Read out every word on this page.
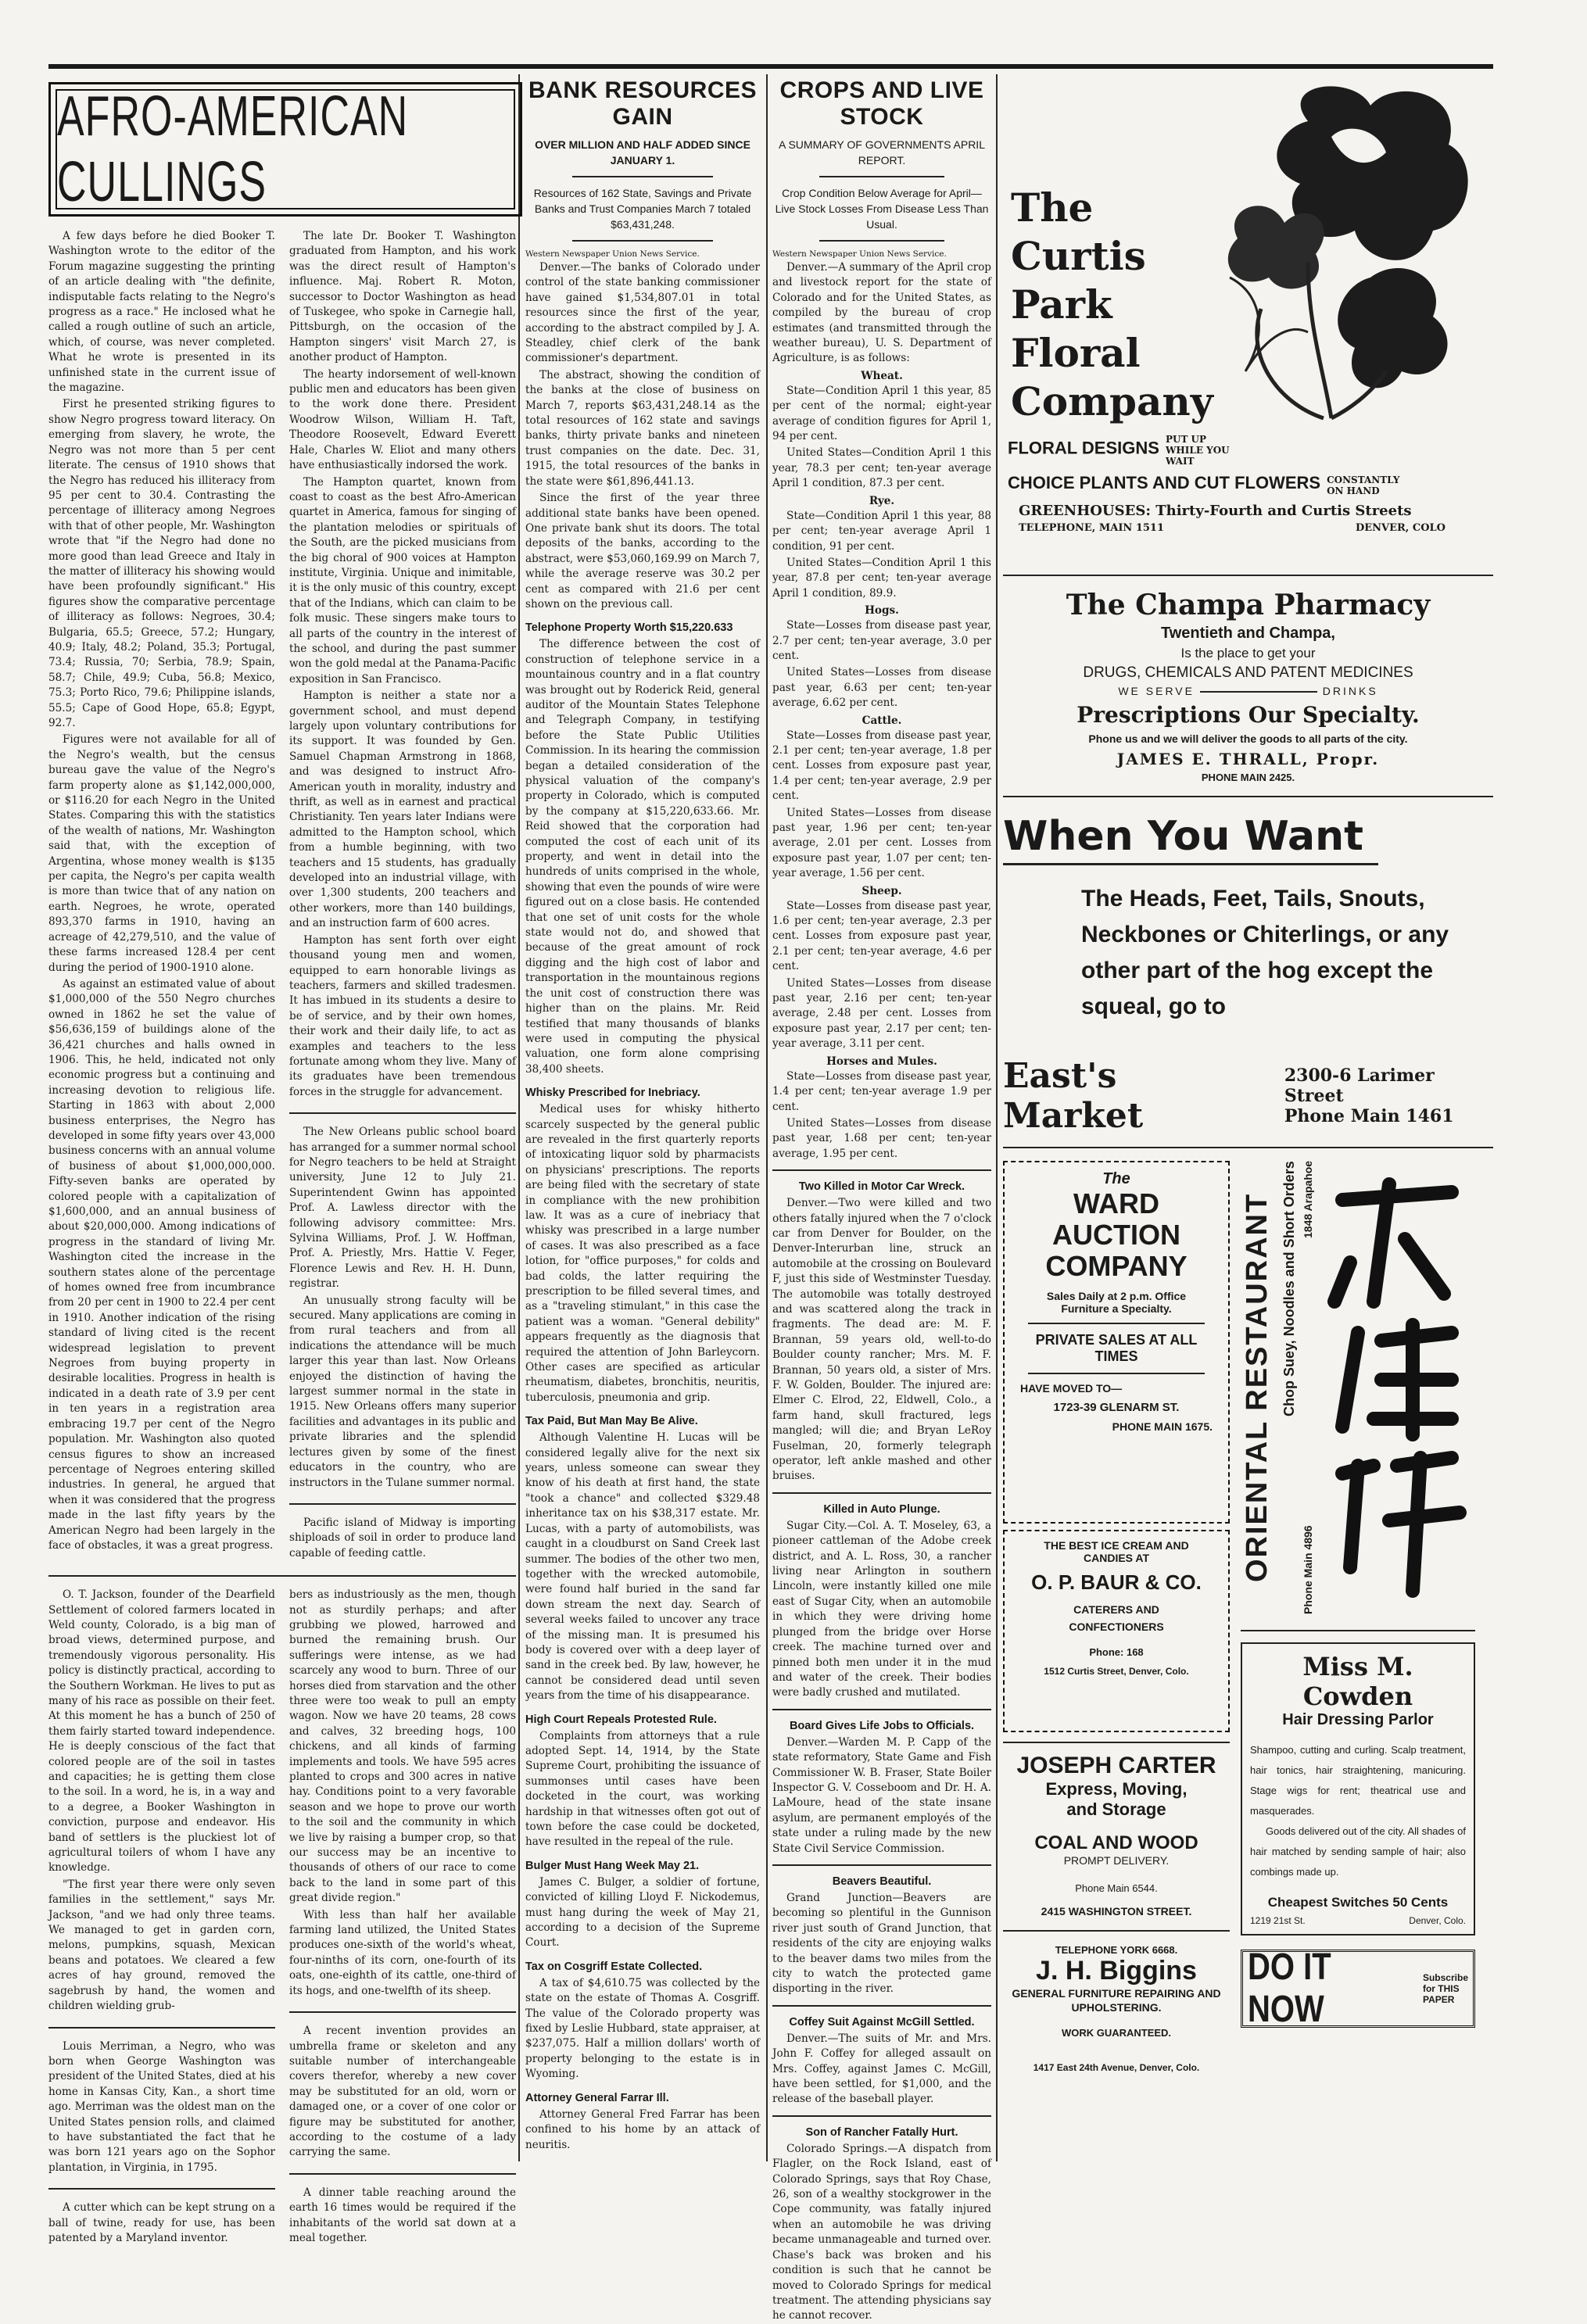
AFRO-AMERICAN CULLINGS

A few days before he died Booker T. Washington wrote to the editor of the Forum magazine suggesting the printing of an article dealing with "the definite, indisputable facts relating to the Negro's progress as a race." He inclosed what he called a rough outline of such an article, which, of course, was never completed. What he wrote is presented in its unfinished state in the current issue of the magazine.

First he presented striking figures to show Negro progress toward literacy. On emerging from slavery, he wrote, the Negro was not more than 5 per cent literate. The census of 1910 shows that the Negro has reduced his illiteracy from 95 per cent to 30.4. Contrasting the percentage of illiteracy among Negroes with that of other people, Mr. Washington wrote that "if the Negro had done no more good than lead Greece and Italy in the matter of illiteracy his showing would have been profoundly significant." His figures show the comparative percentage of illiteracy as follows: Negroes, 30.4; Bulgaria, 65.5; Greece, 57.2; Hungary, 40.9; Italy, 48.2; Poland, 35.3; Portugal, 73.4; Russia, 70; Serbia, 78.9; Spain, 58.7; Chile, 49.9; Cuba, 56.8; Mexico, 75.3; Porto Rico, 79.6; Philippine islands, 55.5; Cape of Good Hope, 65.8; Egypt, 92.7.

Figures were not available for all of the Negro's wealth, but the census bureau gave the value of the Negro's farm property alone as $1,142,000,000, or $116.20 for each Negro in the United States. Comparing this with the statistics of the wealth of nations, Mr. Washington said that, with the exception of Argentina, whose money wealth is $135 per capita, the Negro's per capita wealth is more than twice that of any nation on earth. Negroes, he wrote, operated 893,370 farms in 1910, having an acreage of 42,279,510, and the value of these farms increased 128.4 per cent during the period of 1900-1910 alone.

As against an estimated value of about $1,000,000 of the 550 Negro churches owned in 1862 he set the value of $56,636,159 of buildings alone of the 36,421 churches and halls owned in 1906. This, he held, indicated not only economic progress but a continuing and increasing devotion to religious life. Starting in 1863 with about 2,000 business enterprises, the Negro has developed in some fifty years over 43,000 business concerns with an annual volume of business of about $1,000,000,000. Fifty-seven banks are operated by colored people with a capitalization of $1,600,000, and an annual business of about $20,000,000. Among indications of progress in the standard of living Mr. Washington cited the increase in the southern states alone of the percentage of homes owned free from incumbrance from 20 per cent in 1900 to 22.4 per cent in 1910. Another indication of the rising standard of living cited is the recent widespread legislation to prevent Negroes from buying property in desirable localities. Progress in health is indicated in a death rate of 3.9 per cent in ten years in a registration area embracing 19.7 per cent of the Negro population. Mr. Washington also quoted census figures to show an increased percentage of Negroes entering skilled industries. In general, he argued that when it was considered that the progress made in the last fifty years by the American Negro had been largely in the face of obstacles, it was a great progress.

The late Dr. Booker T. Washington graduated from Hampton, and his work was the direct result of Hampton's influence. Maj. Robert R. Moton, successor to Doctor Washington as head of Tuskegee, who spoke in Carnegie hall, Pittsburgh, on the occasion of the Hampton singers' visit March 27, is another product of Hampton.

The hearty indorsement of well-known public men and educators has been given to the work done there. President Woodrow Wilson, William H. Taft, Theodore Roosevelt, Edward Everett Hale, Charles W. Eliot and many others have enthusiastically indorsed the work.

The Hampton quartet, known from coast to coast as the best Afro-American quartet in America, famous for singing of the plantation melodies or spirituals of the South, are the picked musicians from the big choral of 900 voices at Hampton institute, Virginia. Unique and inimitable, it is the only music of this country, except that of the Indians, which can claim to be folk music. These singers make tours to all parts of the country in the interest of the school, and during the past summer won the gold medal at the Panama-Pacific exposition in San Francisco.

Hampton is neither a state nor a government school, and must depend largely upon voluntary contributions for its support. It was founded by Gen. Samuel Chapman Armstrong in 1868, and was designed to instruct Afro-American youth in morality, industry and thrift, as well as in earnest and practical Christianity. Ten years later Indians were admitted to the Hampton school, which from a humble beginning, with two teachers and 15 students, has gradually developed into an industrial village, with over 1,300 students, 200 teachers and other workers, more than 140 buildings, and an instruction farm of 600 acres.

Hampton has sent forth over eight thousand young men and women, equipped to earn honorable livings as teachers, farmers and skilled tradesmen. It has imbued in its students a desire to be of service, and by their own homes, their work and their daily life, to act as examples and teachers to the less fortunate among whom they live. Many of its graduates have been tremendous forces in the struggle for advancement.

The New Orleans public school board has arranged for a summer normal school for Negro teachers to be held at Straight university, June 12 to July 21. Superintendent Gwinn has appointed Prof. A. Lawless director with the following advisory committee: Mrs. Sylvina Williams, Prof. J. W. Hoffman, Prof. A. Priestly, Mrs. Hattie V. Feger, Florence Lewis and Rev. H. H. Dunn, registrar.

An unusually strong faculty will be secured. Many applications are coming in from rural teachers and from all indications the attendance will be much larger this year than last. Now Orleans enjoyed the distinction of having the largest summer normal in the state in 1915. New Orleans offers many superior facilities and advantages in its public and private libraries and the splendid lectures given by some of the finest educators in the country, who are instructors in the Tulane summer normal.

Pacific island of Midway is importing shiploads of soil in order to produce land capable of feeding cattle.

O. T. Jackson, founder of the Dearfield Settlement of colored farmers located in Weld county, Colorado, is a big man of broad views, determined purpose, and tremendously vigorous personality. His policy is distinctly practical, according to the Southern Workman. He lives to put as many of his race as possible on their feet. At this moment he has a bunch of 250 of them fairly started toward independence. He is deeply conscious of the fact that colored people are of the soil in tastes and capacities; he is getting them close to the soil. In a word, he is, in a way and to a degree, a Booker Washington in conviction, purpose and endeavor. His band of settlers is the pluckiest lot of agricultural toilers of whom I have any knowledge.

"The first year there were only seven families in the settlement," says Mr. Jackson, "and we had only three teams. We managed to get in garden corn, melons, pumpkins, squash, Mexican beans and potatoes. We cleared a few acres of hay ground, removed the sagebrush by hand, the women and children wielding grub-

Louis Merriman, a Negro, who was born when George Washington was president of the United States, died at his home in Kansas City, Kan., a short time ago. Merriman was the oldest man on the United States pension rolls, and claimed to have substantiated the fact that he was born 121 years ago on the Sophor plantation, in Virginia, in 1795.

A cutter which can be kept strung on a ball of twine, ready for use, has been patented by a Maryland inventor.

bers as industriously as the men, though not as sturdily perhaps; and after grubbing we plowed, harrowed and burned the remaining brush. Our sufferings were intense, as we had scarcely any wood to burn. Three of our horses died from starvation and the other three were too weak to pull an empty wagon. Now we have 20 teams, 28 cows and calves, 32 breeding hogs, 100 chickens, and all kinds of farming implements and tools. We have 595 acres planted to crops and 300 acres in native hay. Conditions point to a very favorable season and we hope to prove our worth to the soil and the community in which we live by raising a bumper crop, so that our success may be an incentive to thousands of others of our race to come back to the land in some part of this great divide region."

With less than half her available farming land utilized, the United States produces one-sixth of the world's wheat, four-ninths of its corn, one-fourth of its oats, one-eighth of its cattle, one-third of its hogs, and one-twelfth of its sheep.

A recent invention provides an umbrella frame or skeleton and any suitable number of interchangeable covers therefor, whereby a new cover may be substituted for an old, worn or damaged one, or a cover of one color or figure may be substituted for another, according to the costume of a lady carrying the same.

A dinner table reaching around the earth 16 times would be required if the inhabitants of the world sat down at a meal together.

BANK RESOURCES GAIN
OVER MILLION AND HALF ADDED SINCE JANUARY 1.
Resources of 162 State, Savings and Private Banks and Trust Companies March 7 totaled $63,431,248.
Western Newspaper Union News Service.

Denver.—The banks of Colorado under control of the state banking commissioner have gained $1,534,807.01 in total resources since the first of the year, according to the abstract compiled by J. A. Steadley, chief clerk of the bank commissioner's department.

The abstract, showing the condition of the banks at the close of business on March 7, reports $63,431,248.14 as the total resources of 162 state and savings banks, thirty private banks and nineteen trust companies on the date. Dec. 31, 1915, the total resources of the banks in the state were $61,896,441.13.

Since the first of the year three additional state banks have been opened. One private bank shut its doors. The total deposits of the banks, according to the abstract, were $53,060,169.99 on March 7, while the average reserve was 30.2 per cent as compared with 21.6 per cent shown on the previous call.

Telephone Property Worth $15,220.633

The difference between the cost of construction of telephone service in a mountainous country and in a flat country was brought out by Roderick Reid, general auditor of the Mountain States Telephone and Telegraph Company, in testifying before the State Public Utilities Commission. In its hearing the commission began a detailed consideration of the physical valuation of the company's property in Colorado, which is computed by the company at $15,220,633.66. Mr. Reid showed that the corporation had computed the cost of each unit of its property, and went in detail into the hundreds of units comprised in the whole, showing that even the pounds of wire were figured out on a close basis. He contended that one set of unit costs for the whole state would not do, and showed that because of the great amount of rock digging and the high cost of labor and transportation in the mountainous regions the unit cost of construction there was higher than on the plains. Mr. Reid testified that many thousands of blanks were used in computing the physical valuation, one form alone comprising 38,400 sheets.

Whisky Prescribed for Inebriacy.

Medical uses for whisky hitherto scarcely suspected by the general public are revealed in the first quarterly reports of intoxicating liquor sold by pharmacists on physicians' prescriptions. The reports are being filed with the secretary of state in compliance with the new prohibition law. It was as a cure of inebriacy that whisky was prescribed in a large number of cases. It was also prescribed as a face lotion, for "office purposes," for colds and bad colds, the latter requiring the prescription to be filled several times, and as a "traveling stimulant," in this case the patient was a woman. "General debility" appears frequently as the diagnosis that required the attention of John Barleycorn. Other cases are specified as articular rheumatism, diabetes, bronchitis, neuritis, tuberculosis, pneumonia and grip.

Tax Paid, But Man May Be Alive.

Although Valentine H. Lucas will be considered legally alive for the next six years, unless someone can swear they know of his death at first hand, the state "took a chance" and collected $329.48 inheritance tax on his $38,317 estate. Mr. Lucas, with a party of automobilists, was caught in a cloudburst on Sand Creek last summer. The bodies of the other two men, together with the wrecked automobile, were found half buried in the sand far down stream the next day. Search of several weeks failed to uncover any trace of the missing man. It is presumed his body is covered over with a deep layer of sand in the creek bed. By law, however, he cannot be considered dead until seven years from the time of his disappearance.

High Court Repeals Protested Rule.

Complaints from attorneys that a rule adopted Sept. 14, 1914, by the State Supreme Court, prohibiting the issuance of summonses until cases have been docketed in the court, was working hardship in that witnesses often got out of town before the case could be docketed, have resulted in the repeal of the rule.

Bulger Must Hang Week May 21.

James C. Bulger, a soldier of fortune, convicted of killing Lloyd F. Nickodemus, must hang during the week of May 21, according to a decision of the Supreme Court.

Tax on Cosgriff Estate Collected.

A tax of $4,610.75 was collected by the state on the estate of Thomas A. Cosgriff. The value of the Colorado property was fixed by Leslie Hubbard, state appraiser, at $237,075. Half a million dollars' worth of property belonging to the estate is in Wyoming.

Attorney General Farrar Ill.

Attorney General Fred Farrar has been confined to his home by an attack of neuritis.

CROPS AND LIVE STOCK
A SUMMARY OF GOVERNMENTS APRIL REPORT.
Crop Condition Below Average for April—Live Stock Losses From Disease Less Than Usual.
Western Newspaper Union News Service.

Denver.—A summary of the April crop and livestock report for the state of Colorado and for the United States, as compiled by the bureau of crop estimates (and transmitted through the weather bureau), U. S. Department of Agriculture, is as follows:

Wheat.

State—Condition April 1 this year, 85 per cent of the normal; eight-year average of condition figures for April 1, 94 per cent.

United States—Condition April 1 this year, 78.3 per cent; ten-year average April 1 condition, 87.3 per cent.

Rye.

State—Condition April 1 this year, 88 per cent; ten-year average April 1 condition, 91 per cent.

United States—Condition April 1 this year, 87.8 per cent; ten-year average April 1 condition, 89.9.

Hogs.

State—Losses from disease past year, 2.7 per cent; ten-year average, 3.0 per cent.

United States—Losses from disease past year, 6.63 per cent; ten-year average, 6.62 per cent.

Cattle.

State—Losses from disease past year, 2.1 per cent; ten-year average, 1.8 per cent. Losses from exposure past year, 1.4 per cent; ten-year average, 2.9 per cent.

United States—Losses from disease past year, 1.96 per cent; ten-year average, 2.01 per cent. Losses from exposure past year, 1.07 per cent; ten-year average, 1.56 per cent.

Sheep.

State—Losses from disease past year, 1.6 per cent; ten-year average, 2.3 per cent. Losses from exposure past year, 2.1 per cent; ten-year average, 4.6 per cent.

United States—Losses from disease past year, 2.16 per cent; ten-year average, 2.48 per cent. Losses from exposure past year, 2.17 per cent; ten-year average, 3.11 per cent.

Horses and Mules.

State—Losses from disease past year, 1.4 per cent; ten-year average 1.9 per cent.

United States—Losses from disease past year, 1.68 per cent; ten-year average, 1.95 per cent.

Two Killed in Motor Car Wreck.

Denver.—Two were killed and two others fatally injured when the 7 o'clock car from Denver for Boulder, on the Denver-Interurban line, struck an automobile at the crossing on Boulevard F, just this side of Westminster Tuesday. The automobile was totally destroyed and was scattered along the track in fragments. The dead are: M. F. Brannan, 59 years old, well-to-do Boulder county rancher; Mrs. M. F. Brannan, 50 years old, a sister of Mrs. F. W. Golden, Boulder. The injured are: Elmer C. Elrod, 22, Eldwell, Colo., a farm hand, skull fractured, legs mangled; will die; and Bryan LeRoy Fuselman, 20, formerly telegraph operator, left ankle mashed and other bruises.

Killed in Auto Plunge.

Sugar City.—Col. A. T. Moseley, 63, a pioneer cattleman of the Adobe creek district, and A. L. Ross, 30, a rancher living near Arlington in southern Lincoln, were instantly killed one mile east of Sugar City, when an automobile in which they were driving home plunged from the bridge over Horse creek. The machine turned over and pinned both men under it in the mud and water of the creek. Their bodies were badly crushed and mutilated.

Board Gives Life Jobs to Officials.

Denver.—Warden M. P. Capp of the state reformatory, State Game and Fish Commissioner W. B. Fraser, State Boiler Inspector G. V. Cosseboom and Dr. H. A. LaMoure, head of the state insane asylum, are permanent employés of the state under a ruling made by the new State Civil Service Commission.

Beavers Beautiful.

Grand Junction—Beavers are becoming so plentiful in the Gunnison river just south of Grand Junction, that residents of the city are enjoying walks to the beaver dams two miles from the city to watch the protected game disporting in the river.

Coffey Suit Against McGill Settled.

Denver.—The suits of Mr. and Mrs. John F. Coffey for alleged assault on Mrs. Coffey, against James C. McGill, have been settled, for $1,000, and the release of the baseball player.

Son of Rancher Fatally Hurt.

Colorado Springs.—A dispatch from Flagler, on the Rock Island, east of Colorado Springs, says that Roy Chase, 26, son of a wealthy stockgrower in the Cope community, was fatally injured when an automobile he was driving became unmanageable and turned over. Chase's back was broken and his condition is such that he cannot be moved to Colorado Springs for medical treatment. The attending physicians say he cannot recover.

The
Curtis
Park
Floral
Company
FLORAL DESIGNS PUT UP WHILE YOU WAIT
CHOICE PLANTS AND CUT FLOWERS CONSTANTLY ON HAND
GREENHOUSES: Thirty-Fourth and Curtis Streets
TELEPHONE, MAIN 1511	DENVER, COLO
The Champa Pharmacy
Twentieth and Champa,
Is the place to get your
DRUGS, CHEMICALS AND PATENT MEDICINES
WE SERVE	DRINKS
Prescriptions Our Specialty.
Phone us and we will deliver the goods to all parts of the city.
JAMES E. THRALL, Propr.
PHONE MAIN 2425.
When You Want
The Heads, Feet, Tails, Snouts, Neckbones or Chiterlings, or any other part of the hog except the squeal, go to
East's Market
2300-6 Larimer Street
Phone Main 1461
The
WARD AUCTION COMPANY
Sales Daily at 2 p.m. Office Furniture a Specialty.
PRIVATE SALES AT ALL TIMES
HAVE MOVED TO—
1723-39 GLENARM ST.
PHONE MAIN 1675.
THE BEST ICE CREAM AND CANDIES AT
O. P. BAUR & CO.
CATERERS AND CONFECTIONERS
Phone: 168
1512 Curtis Street, Denver, Colo.
JOSEPH CARTER
Express, Moving, and Storage
COAL AND WOOD
PROMPT DELIVERY.
Phone Main 6544.
2415 WASHINGTON STREET.
TELEPHONE YORK 6668.
J. H. Biggins
GENERAL FURNITURE REPAIRING AND UPHOLSTERING.
WORK GUARANTEED.
1417 East 24th Avenue, Denver, Colo.
ORIENTAL RESTAURANT Chop Suey, Noodles and Short Orders 1848 Arapahoe
Phone Main 4896
Miss M. Cowden
Hair Dressing Parlor
Shampoo, cutting and curling. Scalp treatment, hair tonics, hair straightening, manicuring. Stage wigs for rent; theatrical use and masquerades.
Goods delivered out of the city. All shades of hair matched by sending sample of hair; also combings made up.
Cheapest Switches 50 Cents
1219 21st St.	Denver, Colo.
DO IT NOW
Subscribe
for THIS
PAPER
